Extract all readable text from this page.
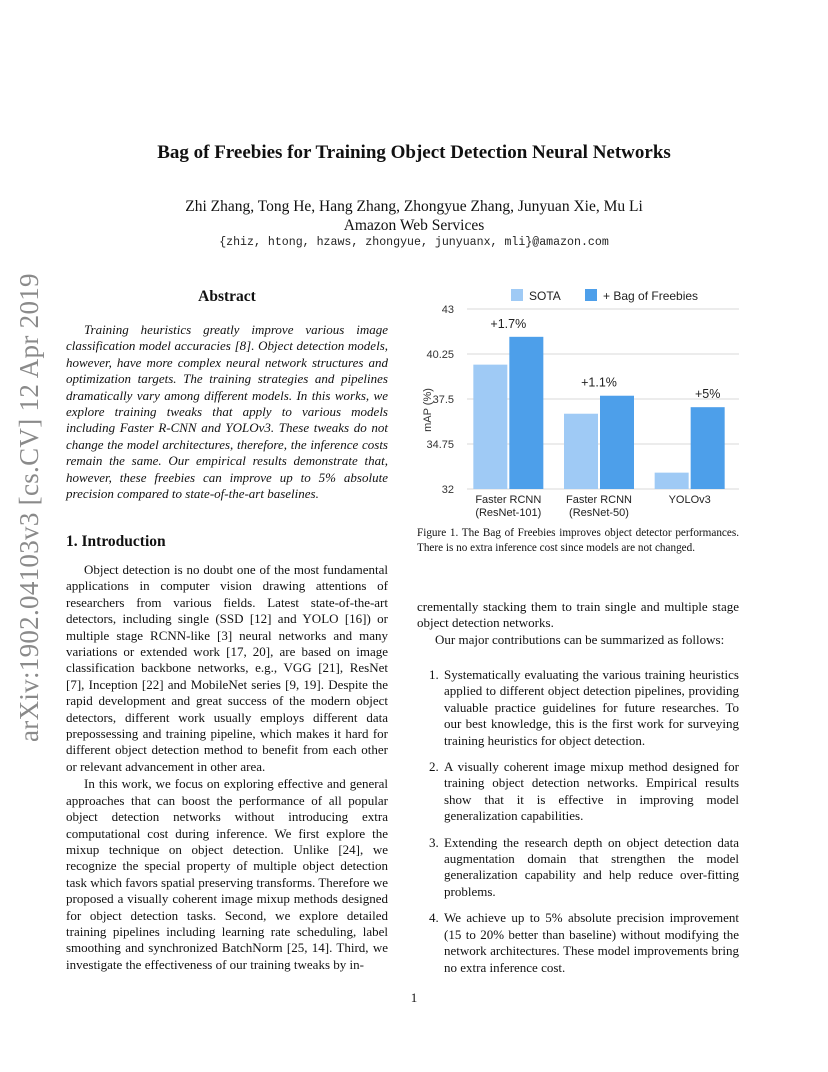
Bag of Freebies for Training Object Detection Neural Networks
Zhi Zhang, Tong He, Hang Zhang, Zhongyue Zhang, Junyuan Xie, Mu Li
Amazon Web Services
{zhiz, htong, hzaws, zhongyue, junyuanx, mli}@amazon.com
arXiv:1902.04103v3 [cs.CV] 12 Apr 2019	Abstract
Training heuristics greatly improve various image classification model accuracies [8]. Object detection models, however, have more complex neural network structures and optimization targets. The training strategies and pipelines dramatically vary among different models. In this works, we explore training tweaks that apply to various models including Faster R-CNN and YOLOv3. These tweaks do not change the model architectures, therefore, the inference costs remain the same. Our empirical results demonstrate that, however, these freebies can improve up to 5% absolute precision compared to state-of-the-art baselines.
1. Introduction

Object detection is no doubt one of the most fundamental applications in computer vision drawing attentions of researchers from various fields. Latest state-of-the-art detectors, including single (SSD [12] and YOLO [16]) or multiple stage RCNN-like [3] neural networks and many variations or extended work [17, 20], are based on image classification backbone networks, e.g., VGG [21], ResNet [7], Inception [22] and MobileNet series [9, 19]. Despite the rapid development and great success of the modern object detectors, different work usually employs different data prepossessing and training pipeline, which makes it hard for different object detection method to benefit from each other or relevant advancement in other area.

In this work, we focus on exploring effective and general approaches that can boost the performance of all popular object detection networks without introducing extra computational cost during inference. We first explore the mixup technique on object detection. Unlike [24], we recognize the special property of multiple object detection task which favors spatial preserving transforms. Therefore we proposed a visually coherent image mixup methods designed for object detection tasks. Second, we explore detailed training pipelines including learning rate scheduling, label smoothing and synchronized BatchNorm [25, 14]. Third, we investigate the effectiveness of our training tweaks by in-

32
34.75
37.5
40.25
43
+1.7%
+1.1%
+5%
Faster RCNN
(ResNet-101)
Faster RCNN
(ResNet-50)
YOLOv3
SOTA	+ Bag of Freebies
mAP (%)
Figure 1. The Bag of Freebies improves object detector performances. There is no extra inference cost since models are not changed.

crementally stacking them to train single and multiple stage object detection networks.

Our major contributions can be summarized as follows:

1. Systematically evaluating the various training heuristics applied to different object detection pipelines, providing valuable practice guidelines for future researches. To our best knowledge, this is the first work for surveying training heuristics for object detection.
2. A visually coherent image mixup method designed for training object detection networks. Empirical results show that it is effective in improving model generalization capabilities.
3. Extending the research depth on object detection data augmentation domain that strengthen the model generalization capability and help reduce over-fitting problems.
4. We achieve up to 5% absolute precision improvement (15 to 20% better than baseline) without modifying the network architectures. These model improvements bring no extra inference cost.
1
